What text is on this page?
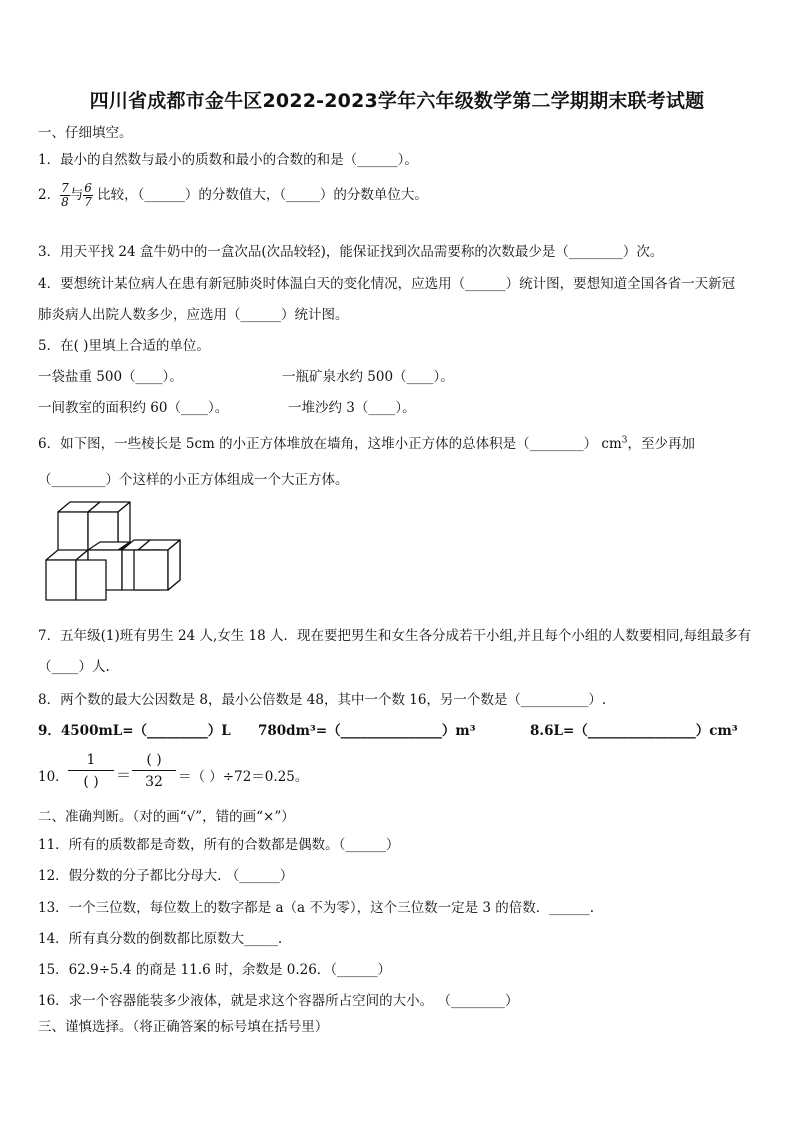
四川省成都市金牛区2022-2023学年六年级数学第二学期期末联考试题
一、仔细填空。
1．最小的自然数与最小的质数和最小的合数的和是（______）。
2． $\frac{7}{8}$ 与 $\frac{6}{7}$ 比较，（______）的分数值大，（_____）的分数单位大。
3．用天平找 24 盒牛奶中的一盒次品(次品较轻)，能保证找到次品需要称的次数最少是（________）次。
4．要想统计某位病人在患有新冠肺炎时体温白天的变化情况，应选用（______）统计图，要想知道全国各省一天新冠
肺炎病人出院人数多少，应选用（______）统计图。
5．在( )里填上合适的单位。
一袋盐重 500（____）。	一瓶矿泉水约 500（____）。
一间教室的面积约 60（____）。	一堆沙约 3（____）。
6．如下图，一些棱长是 5cm 的小正方体堆放在墙角，这堆小正方体的总体积是（________） $cm^3$，至少再加
（________）个这样的小正方体组成一个大正方体。
7．五年级(1)班有男生 24 人,女生 18 人．现在要把男生和女生各分成若干小组,并且每个小组的人数要相同,每组最多有
（____）人.
8．两个数的最大公因数是 8，最小公倍数是 48，其中一个数 16，另一个数是（__________）.
9．4500mL=（_________）L 780dm³=（_______________）m³	8.6L=（________________）cm³
10．
1
( )	＝
( )
32	＝（ ）÷72＝0.25。
二、准确判断。（对的画“√”，错的画“×”）
11．所有的质数都是奇数，所有的合数都是偶数。（______）
12．假分数的分子都比分母大. （______）
13．一个三位数，每位数上的数字都是 a（a 不为零），这个三位数一定是 3 的倍数．______.
14．所有真分数的倒数都比原数大_____.
15．62.9÷5.4 的商是 11.6 时，余数是 0.26．（______）
16．求一个容器能装多少液体，就是求这个容器所占空间的大小。 （________）
三、谨慎选择。（将正确答案的标号填在括号里）
